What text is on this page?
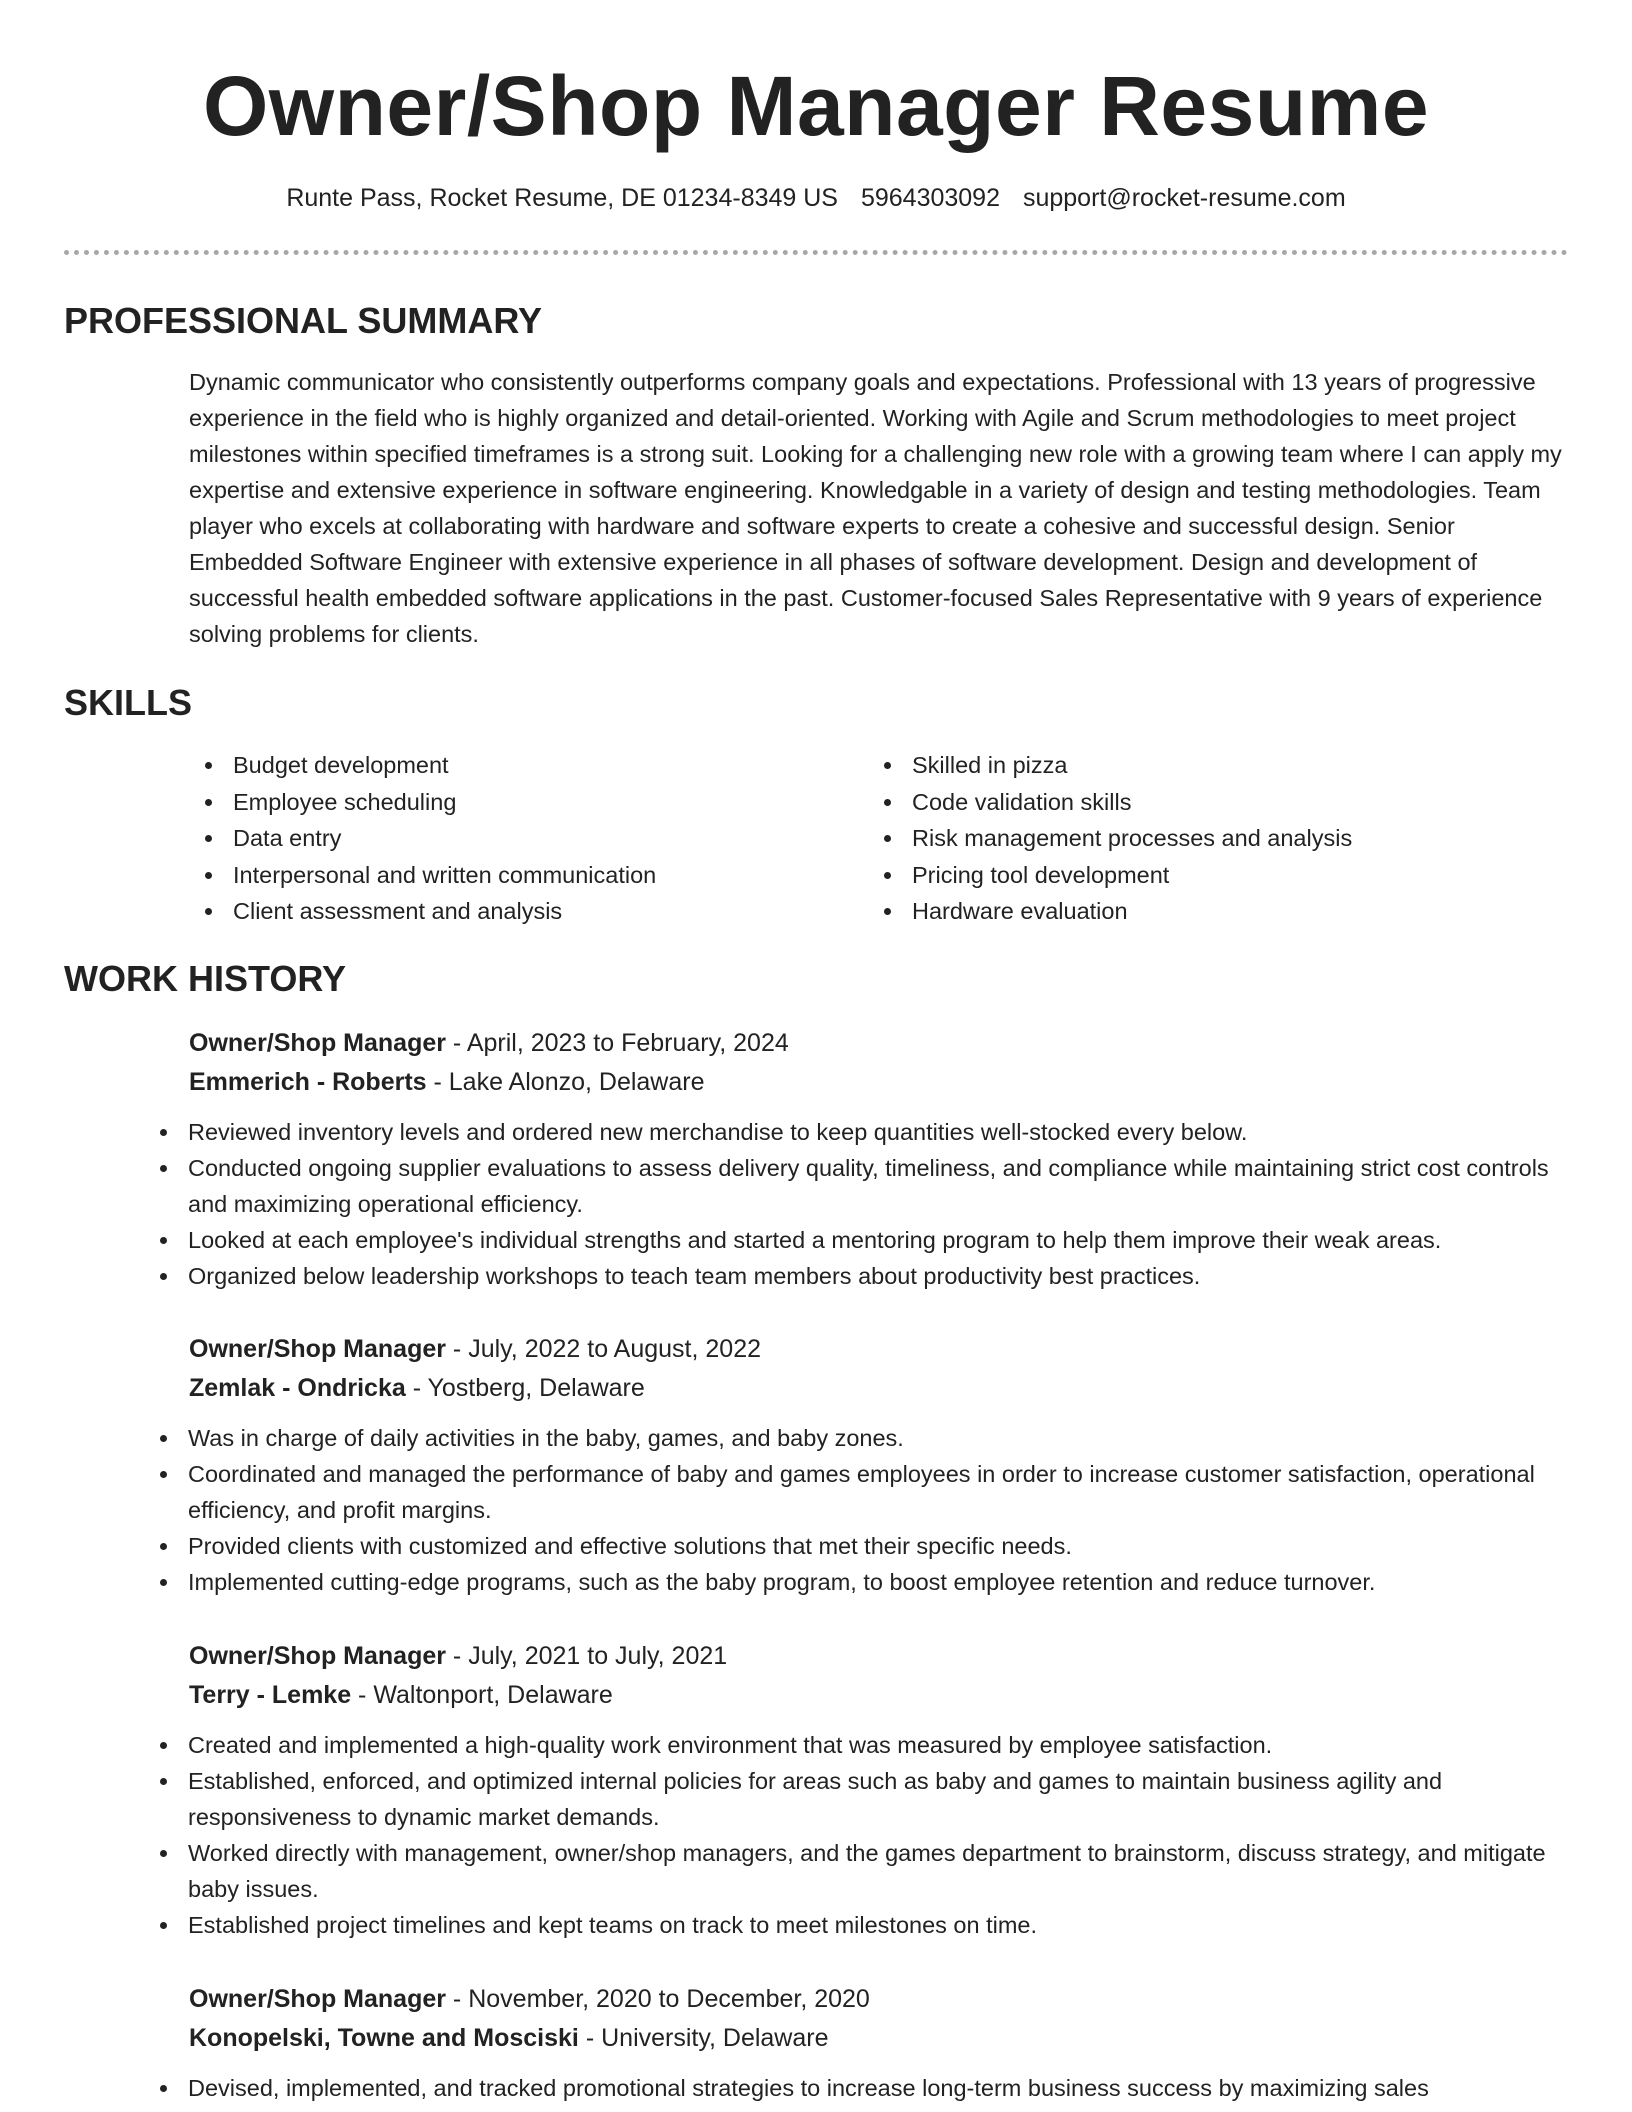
Owner/Shop Manager Resume
Runte Pass, Rocket Resume, DE 01234-8349 US 5964303092 support@rocket-resume.com
PROFESSIONAL SUMMARY

Dynamic communicator who consistently outperforms company goals and expectations. Professional with 13 years of progressive experience in the field who is highly organized and detail-oriented. Working with Agile and Scrum methodologies to meet project milestones within specified timeframes is a strong suit. Looking for a challenging new role with a growing team where I can apply my expertise and extensive experience in software engineering. Knowledgable in a variety of design and testing methodologies. Team player who excels at collaborating with hardware and software experts to create a cohesive and successful design. Senior Embedded Software Engineer with extensive experience in all phases of software development. Design and development of successful health embedded software applications in the past. Customer-focused Sales Representative with 9 years of experience solving problems for clients.

SKILLS
Budget development
Employee scheduling
Data entry
Interpersonal and written communication
Client assessment and analysis
Skilled in pizza
Code validation skills
Risk management processes and analysis
Pricing tool development
Hardware evaluation
WORK HISTORY

Owner/Shop Manager - April, 2023 to February, 2024

Emmerich - Roberts - Lake Alonzo, Delaware

Reviewed inventory levels and ordered new merchandise to keep quantities well-stocked every below.
Conducted ongoing supplier evaluations to assess delivery quality, timeliness, and compliance while maintaining strict cost controls and maximizing operational efficiency.
Looked at each employee's individual strengths and started a mentoring program to help them improve their weak areas.
Organized below leadership workshops to teach team members about productivity best practices.

Owner/Shop Manager - July, 2022 to August, 2022

Zemlak - Ondricka - Yostberg, Delaware

Was in charge of daily activities in the baby, games, and baby zones.
Coordinated and managed the performance of baby and games employees in order to increase customer satisfaction, operational efficiency, and profit margins.
Provided clients with customized and effective solutions that met their specific needs.
Implemented cutting-edge programs, such as the baby program, to boost employee retention and reduce turnover.

Owner/Shop Manager - July, 2021 to July, 2021

Terry - Lemke - Waltonport, Delaware

Created and implemented a high-quality work environment that was measured by employee satisfaction.
Established, enforced, and optimized internal policies for areas such as baby and games to maintain business agility and responsiveness to dynamic market demands.
Worked directly with management, owner/shop managers, and the games department to brainstorm, discuss strategy, and mitigate baby issues.
Established project timelines and kept teams on track to meet milestones on time.

Owner/Shop Manager - November, 2020 to December, 2020

Konopelski, Towne and Mosciski - University, Delaware

Devised, implemented, and tracked promotional strategies to increase long-term business success by maximizing sales
